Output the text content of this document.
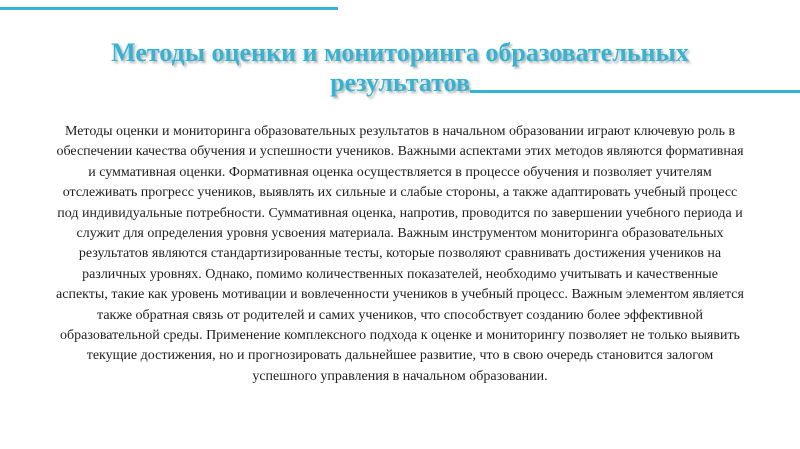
Методы оценки и мониторинга образовательных результатов

Методы оценки и мониторинга образовательных результатов в начальном образовании играют ключевую роль в обеспечении качества обучения и успешности учеников. Важными аспектами этих методов являются формативная и суммативная оценки. Формативная оценка осуществляется в процессе обучения и позволяет учителям отслеживать прогресс учеников, выявлять их сильные и слабые стороны, а также адаптировать учебный процесс под индивидуальные потребности. Суммативная оценка, напротив, проводится по завершении учебного периода и служит для определения уровня усвоения материала. Важным инструментом мониторинга образовательных результатов являются стандартизированные тесты, которые позволяют сравнивать достижения учеников на различных уровнях. Однако, помимо количественных показателей, необходимо учитывать и качественные аспекты, такие как уровень мотивации и вовлеченности учеников в учебный процесс. Важным элементом является также обратная связь от родителей и самих учеников, что способствует созданию более эффективной образовательной среды. Применение комплексного подхода к оценке и мониторингу позволяет не только выявить текущие достижения, но и прогнозировать дальнейшее развитие, что в свою очередь становится залогом успешного управления в начальном образовании.
